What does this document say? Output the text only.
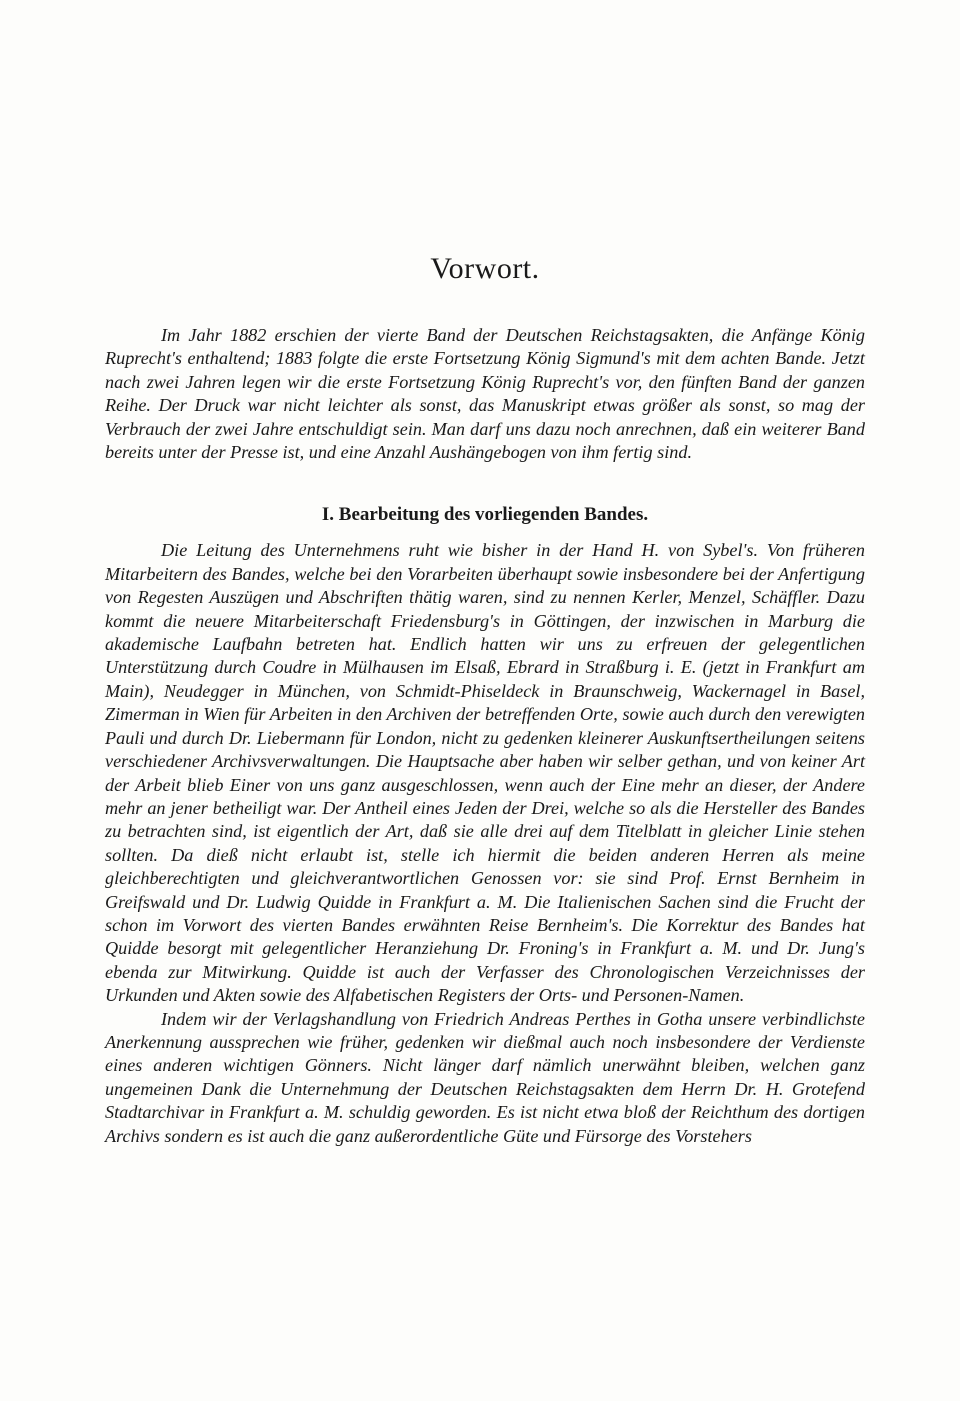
Vorwort.

Im Jahr 1882 erschien der vierte Band der Deutschen Reichstagsakten, die Anfänge König Ruprecht's enthaltend; 1883 folgte die erste Fortsetzung König Sigmund's mit dem achten Bande. Jetzt nach zwei Jahren legen wir die erste Fortsetzung König Ruprecht's vor, den fünften Band der ganzen Reihe. Der Druck war nicht leichter als sonst, das Manuskript etwas größer als sonst, so mag der Verbrauch der zwei Jahre entschuldigt sein. Man darf uns dazu noch anrechnen, daß ein weiterer Band bereits unter der Presse ist, und eine Anzahl Aushängebogen von ihm fertig sind.

I. Bearbeitung des vorliegenden Bandes.

Die Leitung des Unternehmens ruht wie bisher in der Hand H. von Sybel's. Von früheren Mitarbeitern des Bandes, welche bei den Vorarbeiten überhaupt sowie insbesondere bei der Anfertigung von Regesten Auszügen und Abschriften thätig waren, sind zu nennen Kerler, Menzel, Schäffler. Dazu kommt die neuere Mitarbeiterschaft Friedensburg's in Göttingen, der inzwischen in Marburg die akademische Laufbahn betreten hat. Endlich hatten wir uns zu erfreuen der gelegentlichen Unterstützung durch Coudre in Mülhausen im Elsaß, Ebrard in Straßburg i. E. (jetzt in Frankfurt am Main), Neudegger in München, von Schmidt-Phiseldeck in Braunschweig, Wackernagel in Basel, Zimerman in Wien für Arbeiten in den Archiven der betreffenden Orte, sowie auch durch den verewigten Pauli und durch Dr. Liebermann für London, nicht zu gedenken kleinerer Auskunftsertheilungen seitens verschiedener Archivsverwaltungen. Die Hauptsache aber haben wir selber gethan, und von keiner Art der Arbeit blieb Einer von uns ganz ausgeschlossen, wenn auch der Eine mehr an dieser, der Andere mehr an jener betheiligt war. Der Antheil eines Jeden der Drei, welche so als die Hersteller des Bandes zu betrachten sind, ist eigentlich der Art, daß sie alle drei auf dem Titelblatt in gleicher Linie stehen sollten. Da dieß nicht erlaubt ist, stelle ich hiermit die beiden anderen Herren als meine gleichberechtigten und gleichverantwortlichen Genossen vor: sie sind Prof. Ernst Bernheim in Greifswald und Dr. Ludwig Quidde in Frankfurt a. M. Die Italienischen Sachen sind die Frucht der schon im Vorwort des vierten Bandes erwähnten Reise Bernheim's. Die Korrektur des Bandes hat Quidde besorgt mit gelegentlicher Heranziehung Dr. Froning's in Frankfurt a. M. und Dr. Jung's ebenda zur Mitwirkung. Quidde ist auch der Verfasser des Chronologischen Verzeichnisses der Urkunden und Akten sowie des Alfabetischen Registers der Orts- und Personen-Namen.

Indem wir der Verlagshandlung von Friedrich Andreas Perthes in Gotha unsere verbindlichste Anerkennung aussprechen wie früher, gedenken wir dießmal auch noch insbesondere der Verdienste eines anderen wichtigen Gönners. Nicht länger darf nämlich unerwähnt bleiben, welchen ganz ungemeinen Dank die Unternehmung der Deutschen Reichstagsakten dem Herrn Dr. H. Grotefend Stadtarchivar in Frankfurt a. M. schuldig geworden. Es ist nicht etwa bloß der Reichthum des dortigen Archivs sondern es ist auch die ganz außerordentliche Güte und Fürsorge des Vorstehers
